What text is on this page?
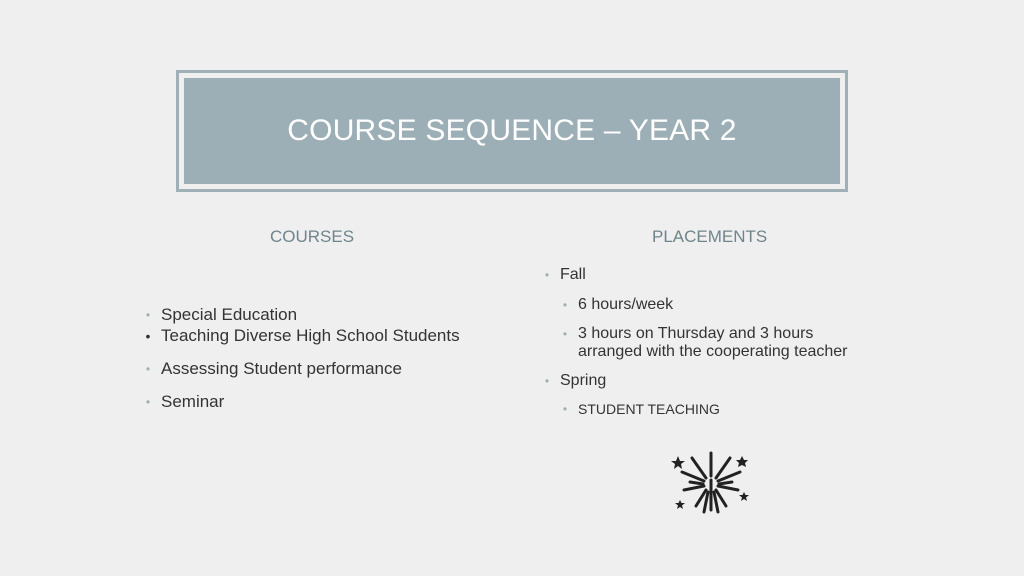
COURSE SEQUENCE – YEAR 2
COURSES	PLACEMENTS
• Special Education
• Teaching Diverse High School Students
• Assessing Student performance
• Seminar
• Fall
• 6 hours/week
• 3 hours on Thursday and 3 hours
arranged with the cooperating teacher
• Spring
• STUDENT TEACHING
